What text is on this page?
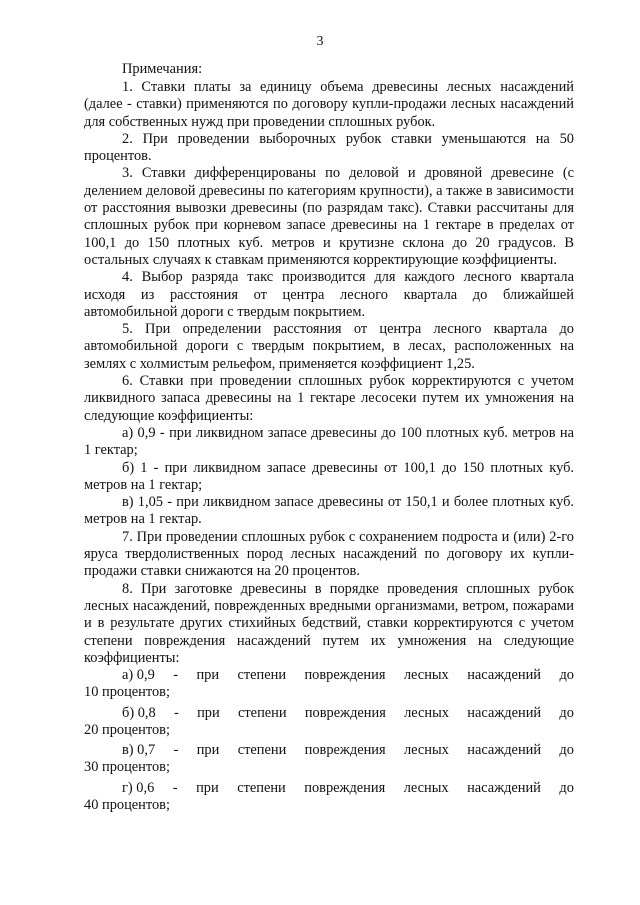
3

Примечания:

1. Ставки платы за единицу объема древесины лесных насаждений (далее - ставки) применяются по договору купли-продажи лесных насаждений для собственных нужд при проведении сплошных рубок.

2. При проведении выборочных рубок ставки уменьшаются на 50 процентов.

3. Ставки дифференцированы по деловой и дровяной древесине (с делением деловой древесины по категориям крупности), а также в зависимости от расстояния вывозки древесины (по разрядам такс). Ставки рассчитаны для сплошных рубок при корневом запасе древесины на 1 гектаре в пределах от 100,1 до 150 плотных куб. метров и крутизне склона до 20 градусов. В остальных случаях к ставкам применяются корректирующие коэффициенты.

4. Выбор разряда такс производится для каждого лесного квартала исходя из расстояния от центра лесного квартала до ближайшей автомобильной дороги с твердым покрытием.

5. При определении расстояния от центра лесного квартала до автомобильной дороги с твердым покрытием, в лесах, расположенных на землях с холмистым рельефом, применяется коэффициент 1,25.

6. Ставки при проведении сплошных рубок корректируются с учетом ликвидного запаса древесины на 1 гектаре лесосеки путем их умножения на следующие коэффициенты:

а) 0,9 - при ликвидном запасе древесины до 100 плотных куб. метров на 1 гектар;

б) 1 - при ликвидном запасе древесины от 100,1 до 150 плотных куб. метров на 1 гектар;

в) 1,05 - при ликвидном запасе древесины от 150,1 и более плотных куб. метров на 1 гектар.

7. При проведении сплошных рубок с сохранением подроста и (или) 2-го яруса твердолиственных пород лесных насаждений по договору их купли-продажи ставки снижаются на 20 процентов.

8. При заготовке древесины в порядке проведения сплошных рубок лесных насаждений, поврежденных вредными организмами, ветром, пожарами и в результате других стихийных бедствий, ставки корректируются с учетом степени повреждения насаждений путем их умножения на следующие коэффициенты:

а) 0,9 - при степени повреждения лесных насаждений до

10 процентов;

б) 0,8 - при степени повреждения лесных насаждений до

20 процентов;

в) 0,7 - при степени повреждения лесных насаждений до

30 процентов;

г) 0,6 - при степени повреждения лесных насаждений до

40 процентов;
